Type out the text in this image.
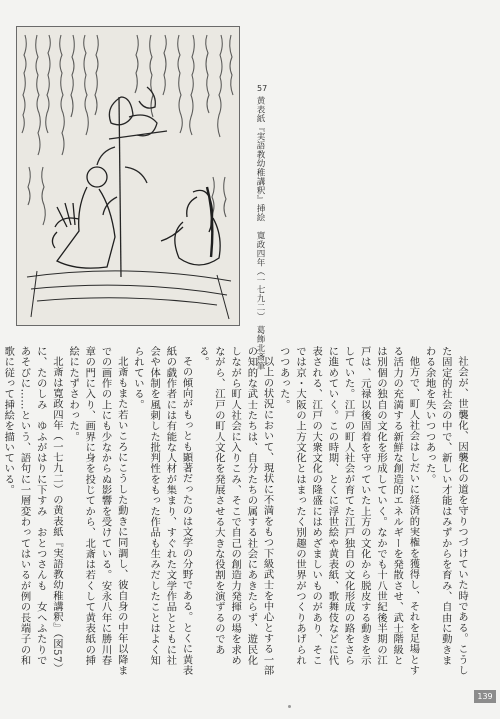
57
黄表紙『実語教幼稚講釈』挿絵　寛政四年（一七九二）　葛飾北斎筆

社会が、世襲化、因襲化の道を守りつづけていた時である。こうした固定的社会の中で、新しい才能はみずからを育み、自由に動きまわる余地を失いつつあった。

他方で、町人社会はしだいに経済的実権を獲得し、それを足場とする活力の充満する新鮮な創造的エネルギーを発散させ、武士階級とは別個の独自の文化を形成していく。なかでも十八世紀後半期の江戸は、元禄以後固着を守っていた上方の文化から脱皮する動きを示していた。江戸の町人社会が育てた江戸独自の文化形成の路をさらに進めていく。この時期、とくに浮世絵や黄表紙、歌舞伎などに代表される、江戸の大衆文化の隆盛にはめざましいものがあり、そこでは京・大阪の上方文化とはまったく別趣の世界がつくりあげられつつあった。

以上の状況において、現状に不満をもつ下級武士を中心とする一部の知的な武士たちは、自分たちの属する社会にあきたらず、遊民化しながら町人社会に入りこみ、そこで自己の創造力発揮の場を求めながら、江戸の町人文化を発展させる大きな役割を演ずるのである。

その傾向がもっとも顕著だったのは文学の分野である。とくに黄表紙の戯作者には有能な人材が集まり、すぐれた文学作品とともに社会や体制を風刺した批判性をもった作品も生みだしたことはよく知られている。

北斎もまた若いころにこうした動きに同調し、彼自身の中年以降までの画作の上にも少なからぬ影響を受けている。安永八年に勝川春章の門に入り、画界に身を投じてから、北斎は若くして黄表紙の挿絵にたずさわった。

北斎は寛政四年（一七九二）の黄表紙『実語教幼稚講釈』（図57）に、たのしみ　ゆふがはりに下すみ　おとつさんも　女へふたりで　あそびに……という、語句に一層変わってはいるが例の長端子の和歌に従って挿絵を描いている。

139
